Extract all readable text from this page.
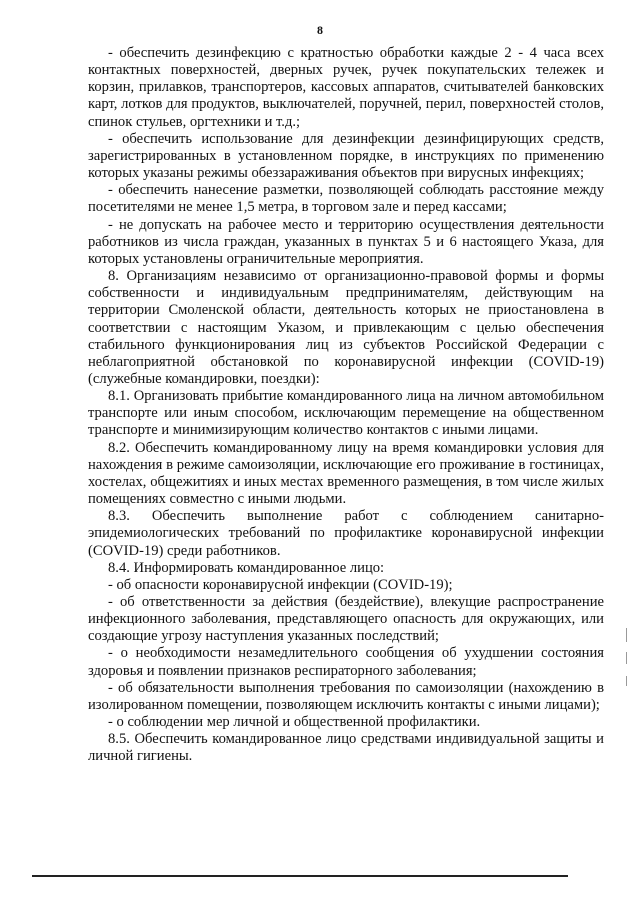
8

- обеспечить дезинфекцию с кратностью обработки каждые 2 - 4 часа всех контактных поверхностей, дверных ручек, ручек покупательских тележек и корзин, прилавков, транспортеров, кассовых аппаратов, считывателей банковских карт, лотков для продуктов, выключателей, поручней, перил, поверхностей столов, спинок стульев, оргтехники и т.д.;

- обеспечить использование для дезинфекции дезинфицирующих средств, зарегистрированных в установленном порядке, в инструкциях по применению которых указаны режимы обеззараживания объектов при вирусных инфекциях;

- обеспечить нанесение разметки, позволяющей соблюдать расстояние между посетителями не менее 1,5 метра, в торговом зале и перед кассами;

- не допускать на рабочее место и территорию осуществления деятельности работников из числа граждан, указанных в пунктах 5 и 6 настоящего Указа, для которых установлены ограничительные мероприятия.

8. Организациям независимо от организационно-правовой формы и формы собственности и индивидуальным предпринимателям, действующим на территории Смоленской области, деятельность которых не приостановлена в соответствии с настоящим Указом, и привлекающим с целью обеспечения стабильного функционирования лиц из субъектов Российской Федерации с неблагоприятной обстановкой по коронавирусной инфекции (COVID-19) (служебные командировки, поездки):

8.1. Организовать прибытие командированного лица на личном автомобильном транспорте или иным способом, исключающим перемещение на общественном транспорте и минимизирующим количество контактов с иными лицами.

8.2. Обеспечить командированному лицу на время командировки условия для нахождения в режиме самоизоляции, исключающие его проживание в гостиницах, хостелах, общежитиях и иных местах временного размещения, в том числе жилых помещениях совместно с иными людьми.

8.3. Обеспечить выполнение работ с соблюдением санитарно-эпидемиологических требований по профилактике коронавирусной инфекции (COVID-19) среди работников.

8.4. Информировать командированное лицо:

- об опасности коронавирусной инфекции (COVID-19);

- об ответственности за действия (бездействие), влекущие распространение инфекционного заболевания, представляющего опасность для окружающих, или создающие угрозу наступления указанных последствий;

- о необходимости незамедлительного сообщения об ухудшении состояния здоровья и появлении признаков респираторного заболевания;

- об обязательности выполнения требования по самоизоляции (нахождению в изолированном помещении, позволяющем исключить контакты с иными лицами);

- о соблюдении мер личной и общественной профилактики.

8.5. Обеспечить командированное лицо средствами индивидуальной защиты и личной гигиены.
